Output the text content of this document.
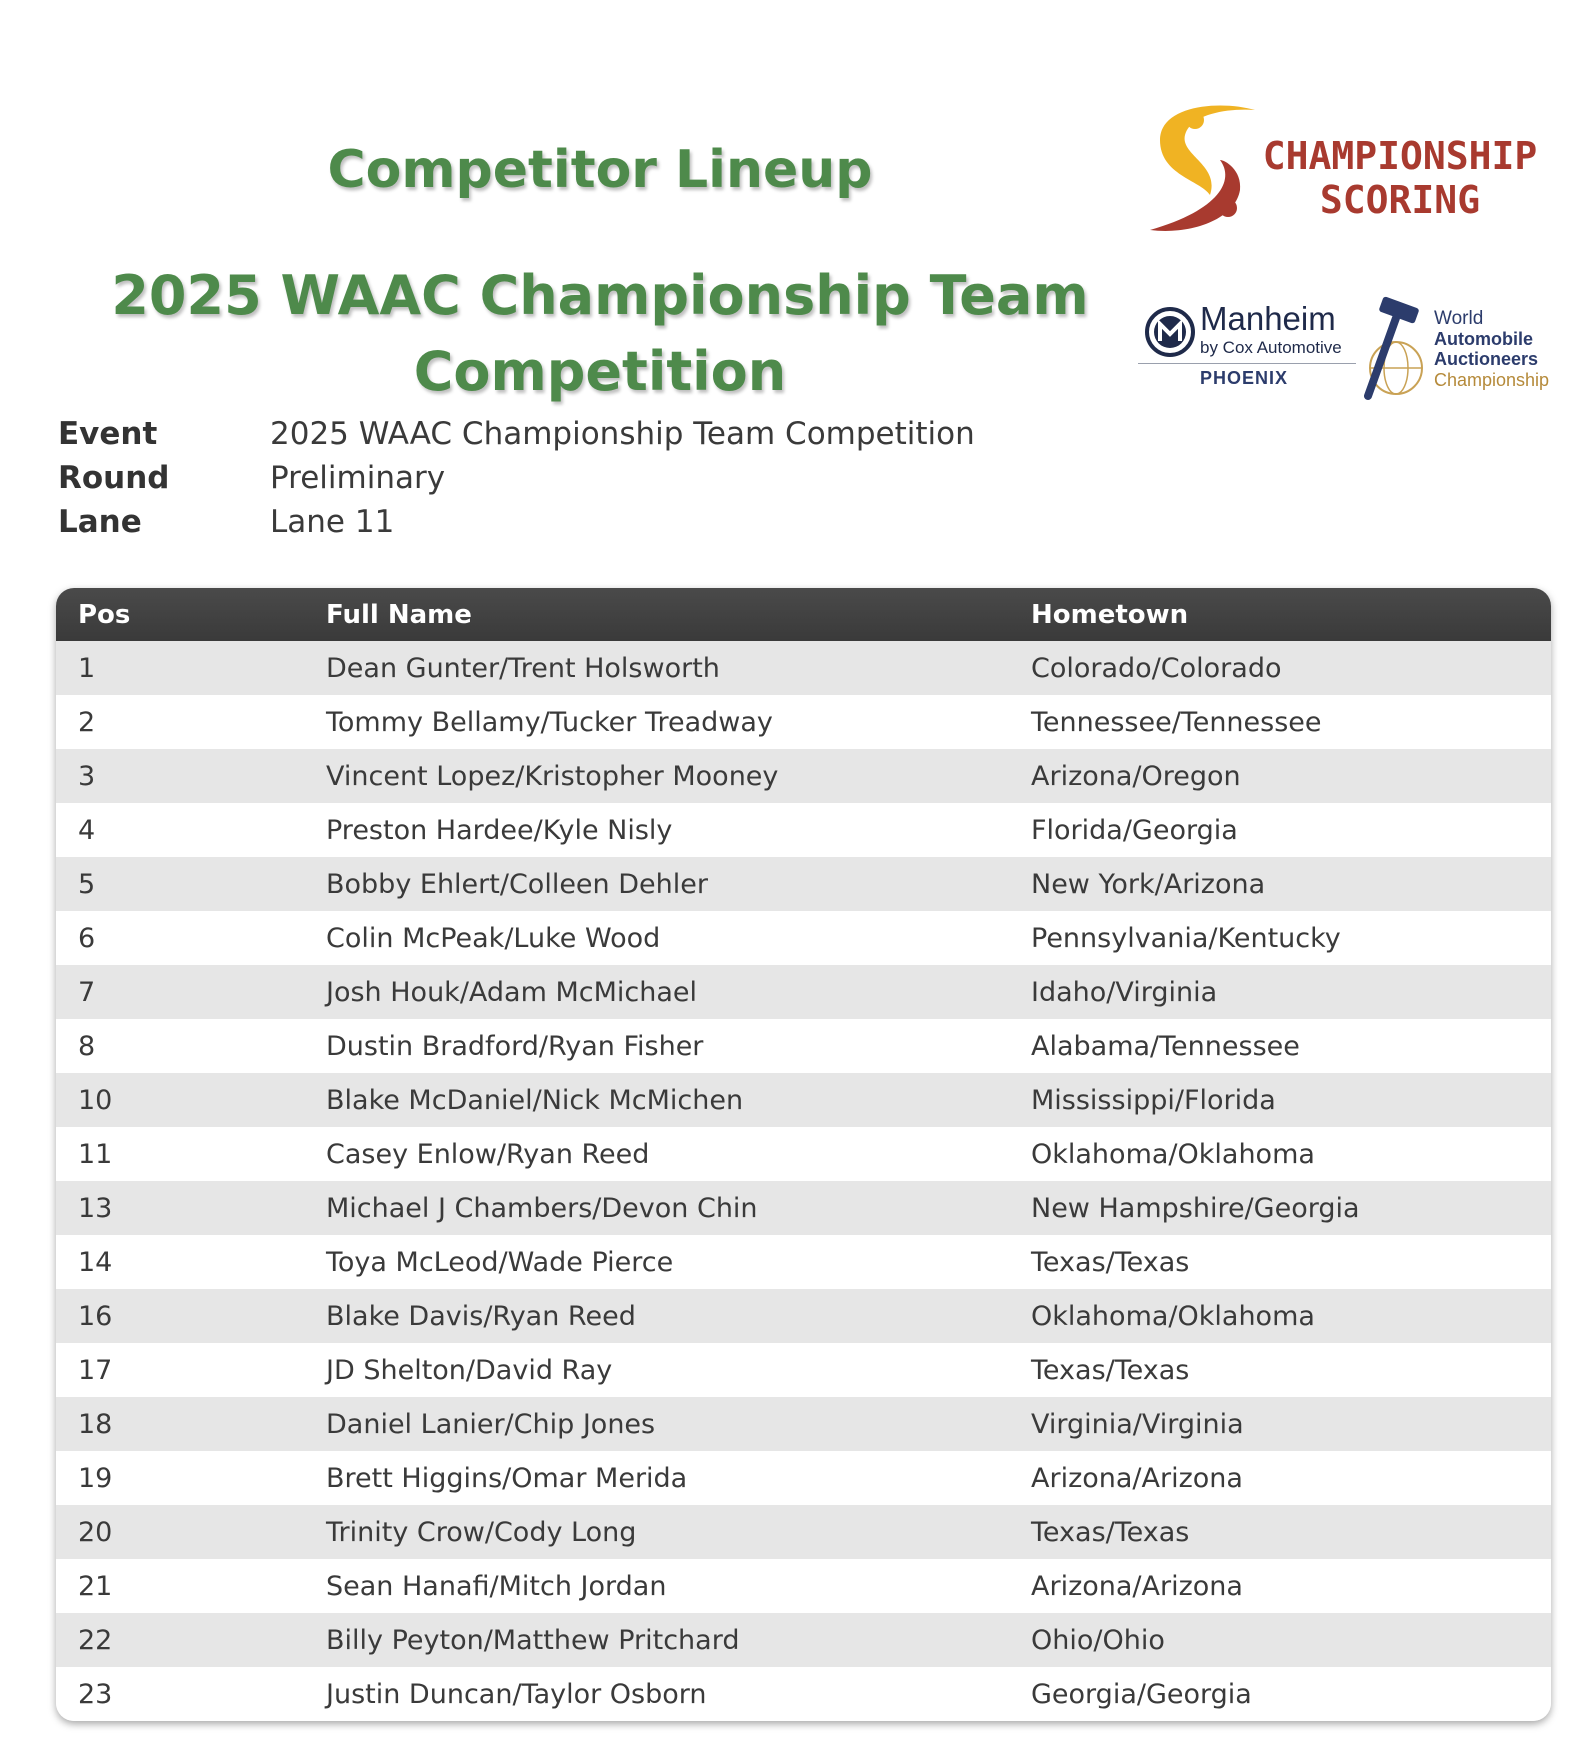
Competitor Lineup
2025 WAAC Championship Team
Competition
CHAMPIONSHIP
SCORING
Manheim
by Cox Automotive
PHOENIX
World
Automobile
Auctioneers
Championship
Event	2025 WAAC Championship Team Competition
Round	Preliminary
Lane	Lane 11
Pos	Full Name	Hometown
1	Dean Gunter/Trent Holsworth	Colorado/Colorado
2	Tommy Bellamy/Tucker Treadway	Tennessee/Tennessee
3	Vincent Lopez/Kristopher Mooney	Arizona/Oregon
4	Preston Hardee/Kyle Nisly	Florida/Georgia
5	Bobby Ehlert/Colleen Dehler	New York/Arizona
6	Colin McPeak/Luke Wood	Pennsylvania/Kentucky
7	Josh Houk/Adam McMichael	Idaho/Virginia
8	Dustin Bradford/Ryan Fisher	Alabama/Tennessee
10	Blake McDaniel/Nick McMichen	Mississippi/Florida
11	Casey Enlow/Ryan Reed	Oklahoma/Oklahoma
13	Michael J Chambers/Devon Chin	New Hampshire/Georgia
14	Toya McLeod/Wade Pierce	Texas/Texas
16	Blake Davis/Ryan Reed	Oklahoma/Oklahoma
17	JD Shelton/David Ray	Texas/Texas
18	Daniel Lanier/Chip Jones	Virginia/Virginia
19	Brett Higgins/Omar Merida	Arizona/Arizona
20	Trinity Crow/Cody Long	Texas/Texas
21	Sean Hanafi/Mitch Jordan	Arizona/Arizona
22	Billy Peyton/Matthew Pritchard	Ohio/Ohio
23	Justin Duncan/Taylor Osborn	Georgia/Georgia
